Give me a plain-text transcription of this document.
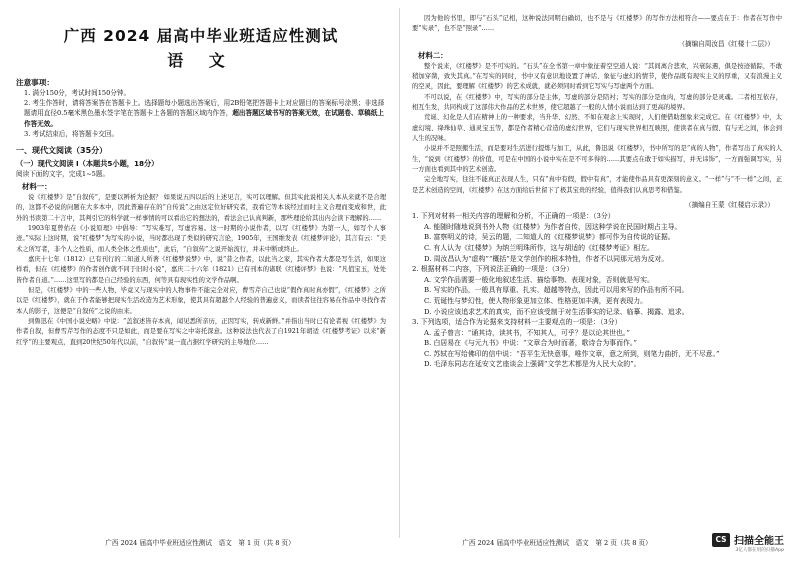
广西 2024 届高中毕业班适应性测试
语 文
注意事项：
1. 满分150分，考试时间150分钟。
2. 考生作答时，请将答案答在答题卡上。选择题每小题选出答案后，用2B铅笔把答题卡上对应题目的答案标号涂黑；非选择题请用直径0.5毫米黑色墨水签字笔在答题卡上各题的答题区域内作答，超出答题区域书写的答案无效，在试题卷、草稿纸上作答无效。
3. 考试结束后，将答题卡交回。
一、现代文阅读（35分）
（一）现代文阅读 I（本题共5小题，18分）
阅读下面的文字，完成1~5题。
材料一：

说《红楼梦》是“自叙传”，是要以辨析为论据？ 如果说五四以后的上述见言，实可以理解。但其实此说相关人本从来就不是合理的，这都不必说的问题在大多本中，因此普遍存在的“自传说”之由这定位好研究者，我看它等本该经过而时主义合理而变成和世，此外的书读第二十言中，其判引它的科学就一样事情的可以看出它的想法的，看法会已认真判新，那些理论给其出内会读下理解的……

1903年夏曾佑在《小说原理》中倡导：“写实难写，写虚容易。这一时期的小说作者，以写《红楼梦》为第一人，如写个人事迹。”实际上这时期，说“红楼梦”为写实的小说，当时都出现了类似的研究言论，1905年，王国维发表《红楼梦评论》，其言有云：“美术之所写者，非个人之性质，而人类全体之性质也”，此后，“自叙传”之说开始流行，并未中断或终止。

嘉庆十七年（1812）已有刊行的二知道人所著《红楼梦说梦》中，说“昔之作者，以此当之家，其实作者大都是写生活，如果这样看，但在《红楼梦》的作者创作就不同于旧时小说”，嘉庆二十六年（1821）已有刊本的诸联《红楼评梦》也说：“凡值宝玉，处处皆作者自道。”……这里写的都是自己经验的东西，何等具有现实性的文学作品啊。

但是，《红楼梦》中的一些人物，毕竟又与现实中的人物事件不能完全对应，曹雪芹自己也说“假作真时真亦假”，《红楼梦》之所以是《红楼梦》，就在于作者能够把现实生活改造为艺术形象，使其具有超越个人经验的普遍意义，而读者往往容易在作品中寻找作者本人的影子，这便是“自叙传”之说的由来。

到鲁迅在《中国小说史略》中说：“盖叙述皆存本真，闻见悉所亲历，正因写实，转成新鲜。”并指出当时已有论者视《红楼梦》为作者自叙，但曹雪芹写作的态度不只是如此，而是要在写实之中寄托深意。这种说法也代表了自1921年胡适《红楼梦考证》以来“新红学”的主要观点，直到20世纪50年代以前，“自叙传”说一直占据红学研究的主导地位……

广西 2024 届高中毕业班适应性测试　语文　第 1 页（共 8 页）

因为他的书里，即与“石头”记相，这种说法同明白确切，也不是与《红楼梦》的写作方法相符合——要点在于：作者在写作中要“实录”，也不是“照录”……

（摘编自周汝昌《红楼十二层》）
材料二：

整个说来，《红楼梦》是不可实的。“石头”在全书第一章中象征着空空道人说：“其间离合悲欢，兴衰际遇，俱是按迹循踪，不敢稍加穿凿，致失其真。”在写实的同时，书中又有意识地设置了神话、象征与虚幻的情节，使作品既有现实主义的厚重，又有浪漫主义的空灵，因此，要理解《红楼梦》的艺术成就，就必须同时看到它写实与写虚两个方面。

不可以说，在《红楼梦》中，写实的部分是主体，写虚的部分是陪衬；写实的部分是血肉，写虚的部分是灵魂。二者相互依存，相互生发，共同构成了这部伟大作品的艺术世界，使它超越了一般的人情小说而达到了更高的境界。

荒诞、幻化是人们在精神上的一种要求，当升华、幻然、不如在观念上实现时，人们便借助想象来完成它。在《红楼梦》中，太虚幻境、绛珠仙草、通灵宝玉等，都是作者精心营造的虚幻世界，它们与现实世界相互映照，使读者在真与假、有与无之间，体会到人生的况味。

小说并不是照搬生活，而是要对生活进行提炼与加工，从此，鲁迅说《红楼梦》，书中所写的是“真的人物”，作者写出了真实的人生，“说到《红楼梦》的价值，可是在中国的小说中实在是不可多得的……其要点在敢于如实描写，并无讳饰”，一方面强调写实，另一方面也看到其中的艺术创造。

完全地写实，往往不能真正表现人生，只有“真中有假，假中有真”，才能使作品具有更深刻的意义。“一样”与“不一样”之间，正是艺术创造的空间，《红楼梦》在这方面给后世留下了极其宝贵的经验，值得我们认真思考和借鉴。

（摘编自王蒙《红楼启示录》）
1. 下列对材料一相关内容的理解和分析，不正确的一项是：（3分）
A. 能随时随地说到书外人物《红楼梦》为作者自传，因这种学说在民国时期占主导。
B. 富察明义的诗，吴云的题，二知道人的《红楼梦说梦》都可作为自传说的证据。
C. 有人认为《红楼梦》为纳兰明珠所作，这与胡适的《红楼梦考证》相左。
D. 周汝昌认为“虚构”“概括”是文学创作的根本特性，作者不以同那元培为反对。
2. 根据材料二内容，下列说法正确的一项是：（3分）
A. 文学作品需要一般化地叙述生活、描绘事物、表现对象，否则就是写实。
B. 写实的作品，一般具有厚重、扎实、超越等特点，因此可以用来写的作品有所不同。
C. 荒诞性与梦幻性，使人物形象更加立体、性格更加丰满，更有表现力。
D. 小说应该追求艺术的真实，而不应该受制于对生活事实的记录、临摹、揭露、追求。
3. 下列选项，适合作为论据来支持材料一主要观点的一项是：（3分）
A. 孟子曾言：“诵其诗，读其书，不知其人，可乎？是以论其世也。”
B. 白居易在《与元九书》中说：“文章合为时而著，歌诗合为事而作。”
C. 苏轼在写给佛印的信中说：“吾平生无快意事，唯作文章，意之所到，则笔力曲折，无不尽意。”
D. 毛泽东同志在延安文艺座谈会上强调“文学艺术都是为人民大众的”。
广西 2024 届高中毕业班适应性测试　语文　第 2 页（共 8 页）	CS 扫描全能王
3亿人都在用的扫描App
